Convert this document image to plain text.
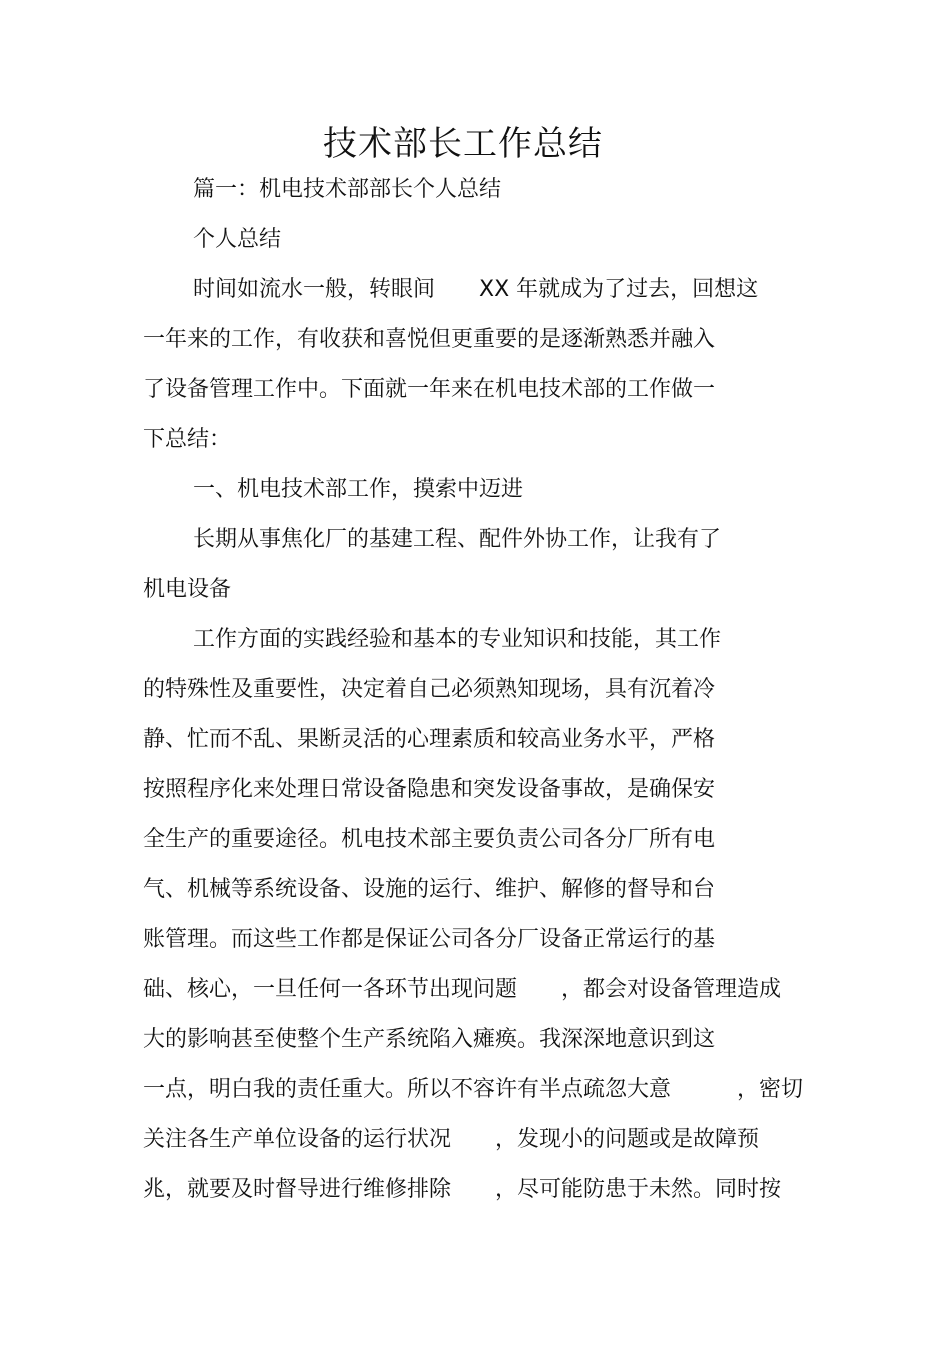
技术部长工作总结
篇一：机电技术部部长个人总结
个人总结
时间如流水一般，转眼间　　XX 年就成为了过去，回想这
一年来的工作，有收获和喜悦但更重要的是逐渐熟悉并融入
了设备管理工作中。下面就一年来在机电技术部的工作做一
下总结：
一、机电技术部工作，摸索中迈进
长期从事焦化厂的基建工程、配件外协工作，让我有了
机电设备
工作方面的实践经验和基本的专业知识和技能，其工作
的特殊性及重要性，决定着自己必须熟知现场，具有沉着冷
静、忙而不乱、果断灵活的心理素质和较高业务水平，严格
按照程序化来处理日常设备隐患和突发设备事故，是确保安
全生产的重要途径。机电技术部主要负责公司各分厂所有电
气、机械等系统设备、设施的运行、维护、解修的督导和台
账管理。而这些工作都是保证公司各分厂设备正常运行的基
础、核心，一旦任何一各环节出现问题　　，都会对设备管理造成
大的影响甚至使整个生产系统陷入瘫痪。我深深地意识到这
一点，明白我的责任重大。所以不容许有半点疏忽大意　　　，密切
关注各生产单位设备的运行状况　　，发现小的问题或是故障预
兆，就要及时督导进行维修排除　　，尽可能防患于未然。同时按
